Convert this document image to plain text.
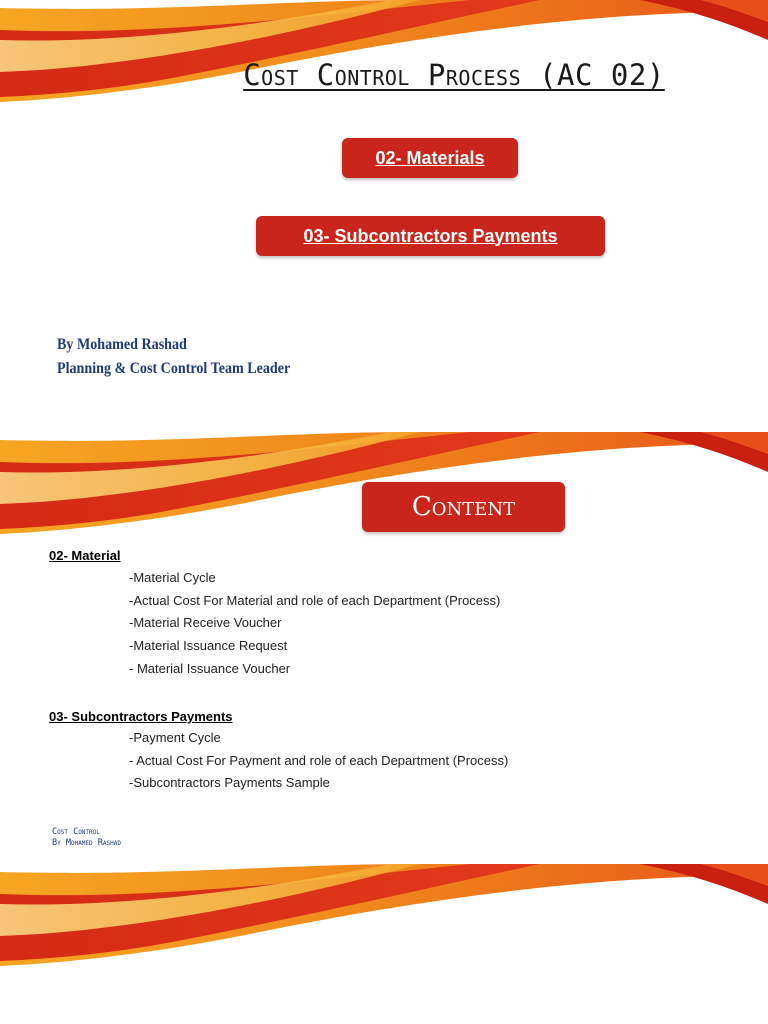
Cost Control Process (AC 02)
02- Materials
03- Subcontractors Payments
By Mohamed Rashad
Planning & Cost Control Team Leader
Content
02- Material
-Material Cycle
-Actual Cost For Material and role of each Department (Process)
-Material Receive Voucher
-Material Issuance Request
- Material Issuance Voucher
03- Subcontractors Payments
-Payment Cycle
- Actual Cost For Payment and role of each Department (Process)
-Subcontractors Payments Sample
Cost Control
By Mohamed Rashad
